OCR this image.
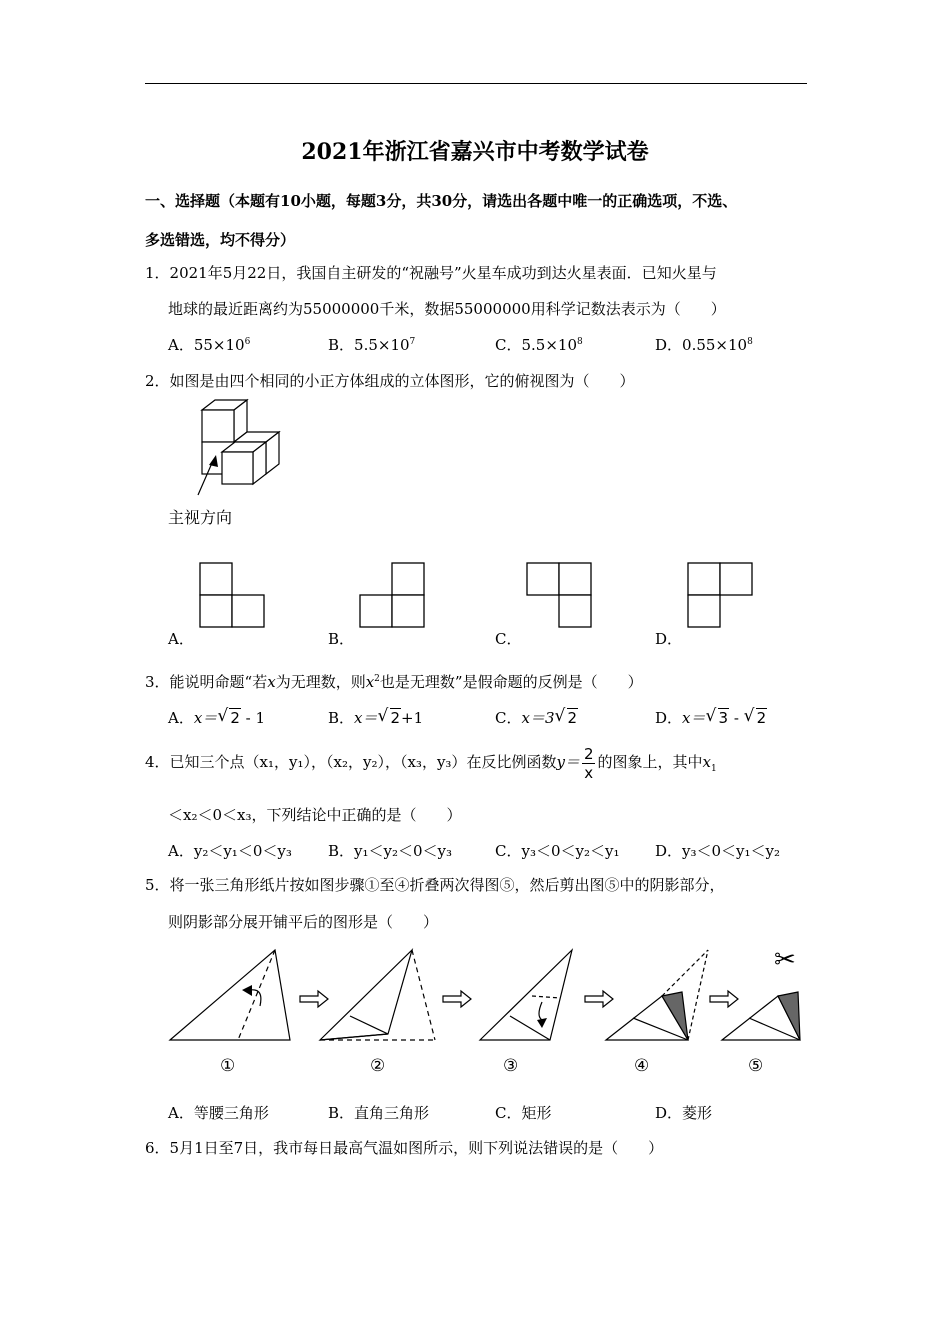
2021年浙江省嘉兴市中考数学试卷
一、选择题（本题有10小题，每题3分，共30分，请选出各题中唯一的正确选项，不选、
多选错选，均不得分）
1．2021年5月22日，我国自主研发的“祝融号”火星车成功到达火星表面．已知火星与
地球的最近距离约为55000000千米，数据55000000用科学记数法表示为（　　）
A．$55\times 10^6$	B．$5.5\times 10^7$	C．$5.5\times 10^8$	D．$0.55\times 10^8$
2．如图是由四个相同的小正方体组成的立体图形，它的俯视图为（　　）
主视方向
A．	B．	C．	D．
3．能说明命题“若x为无理数，则$x^2$也是无理数”是假命题的反例是（　　）
A．x＝ √ 2 - 1	B．x＝ √ 2+1	C．x＝3 √ 2	D．x＝ √ 3 - √ 2
4．已知三个点（x₁，y₁），（x₂，y₂），（x₃，y₃）在反比例函数$y= \frac{2}{x}$ 的图象上，其中$x_1$
＜x₂＜0＜x₃，下列结论中正确的是（　　）
A．y₂＜y₁＜0＜y₃ B．y₁＜y₂＜0＜y₃	C．y₃＜0＜y₂＜y₁ D．y₃＜0＜y₁＜y₂
5．将一张三角形纸片按如图步骤①至④折叠两次得图⑤，然后剪出图⑤中的阴影部分，
则阴影部分展开铺平后的图形是（　　）
✂
①	②	③	④	⑤
A．等腰三角形	B．直角三角形	C．矩形	D．菱形
6．5月1日至7日，我市每日最高气温如图所示，则下列说法错误的是（　　）
